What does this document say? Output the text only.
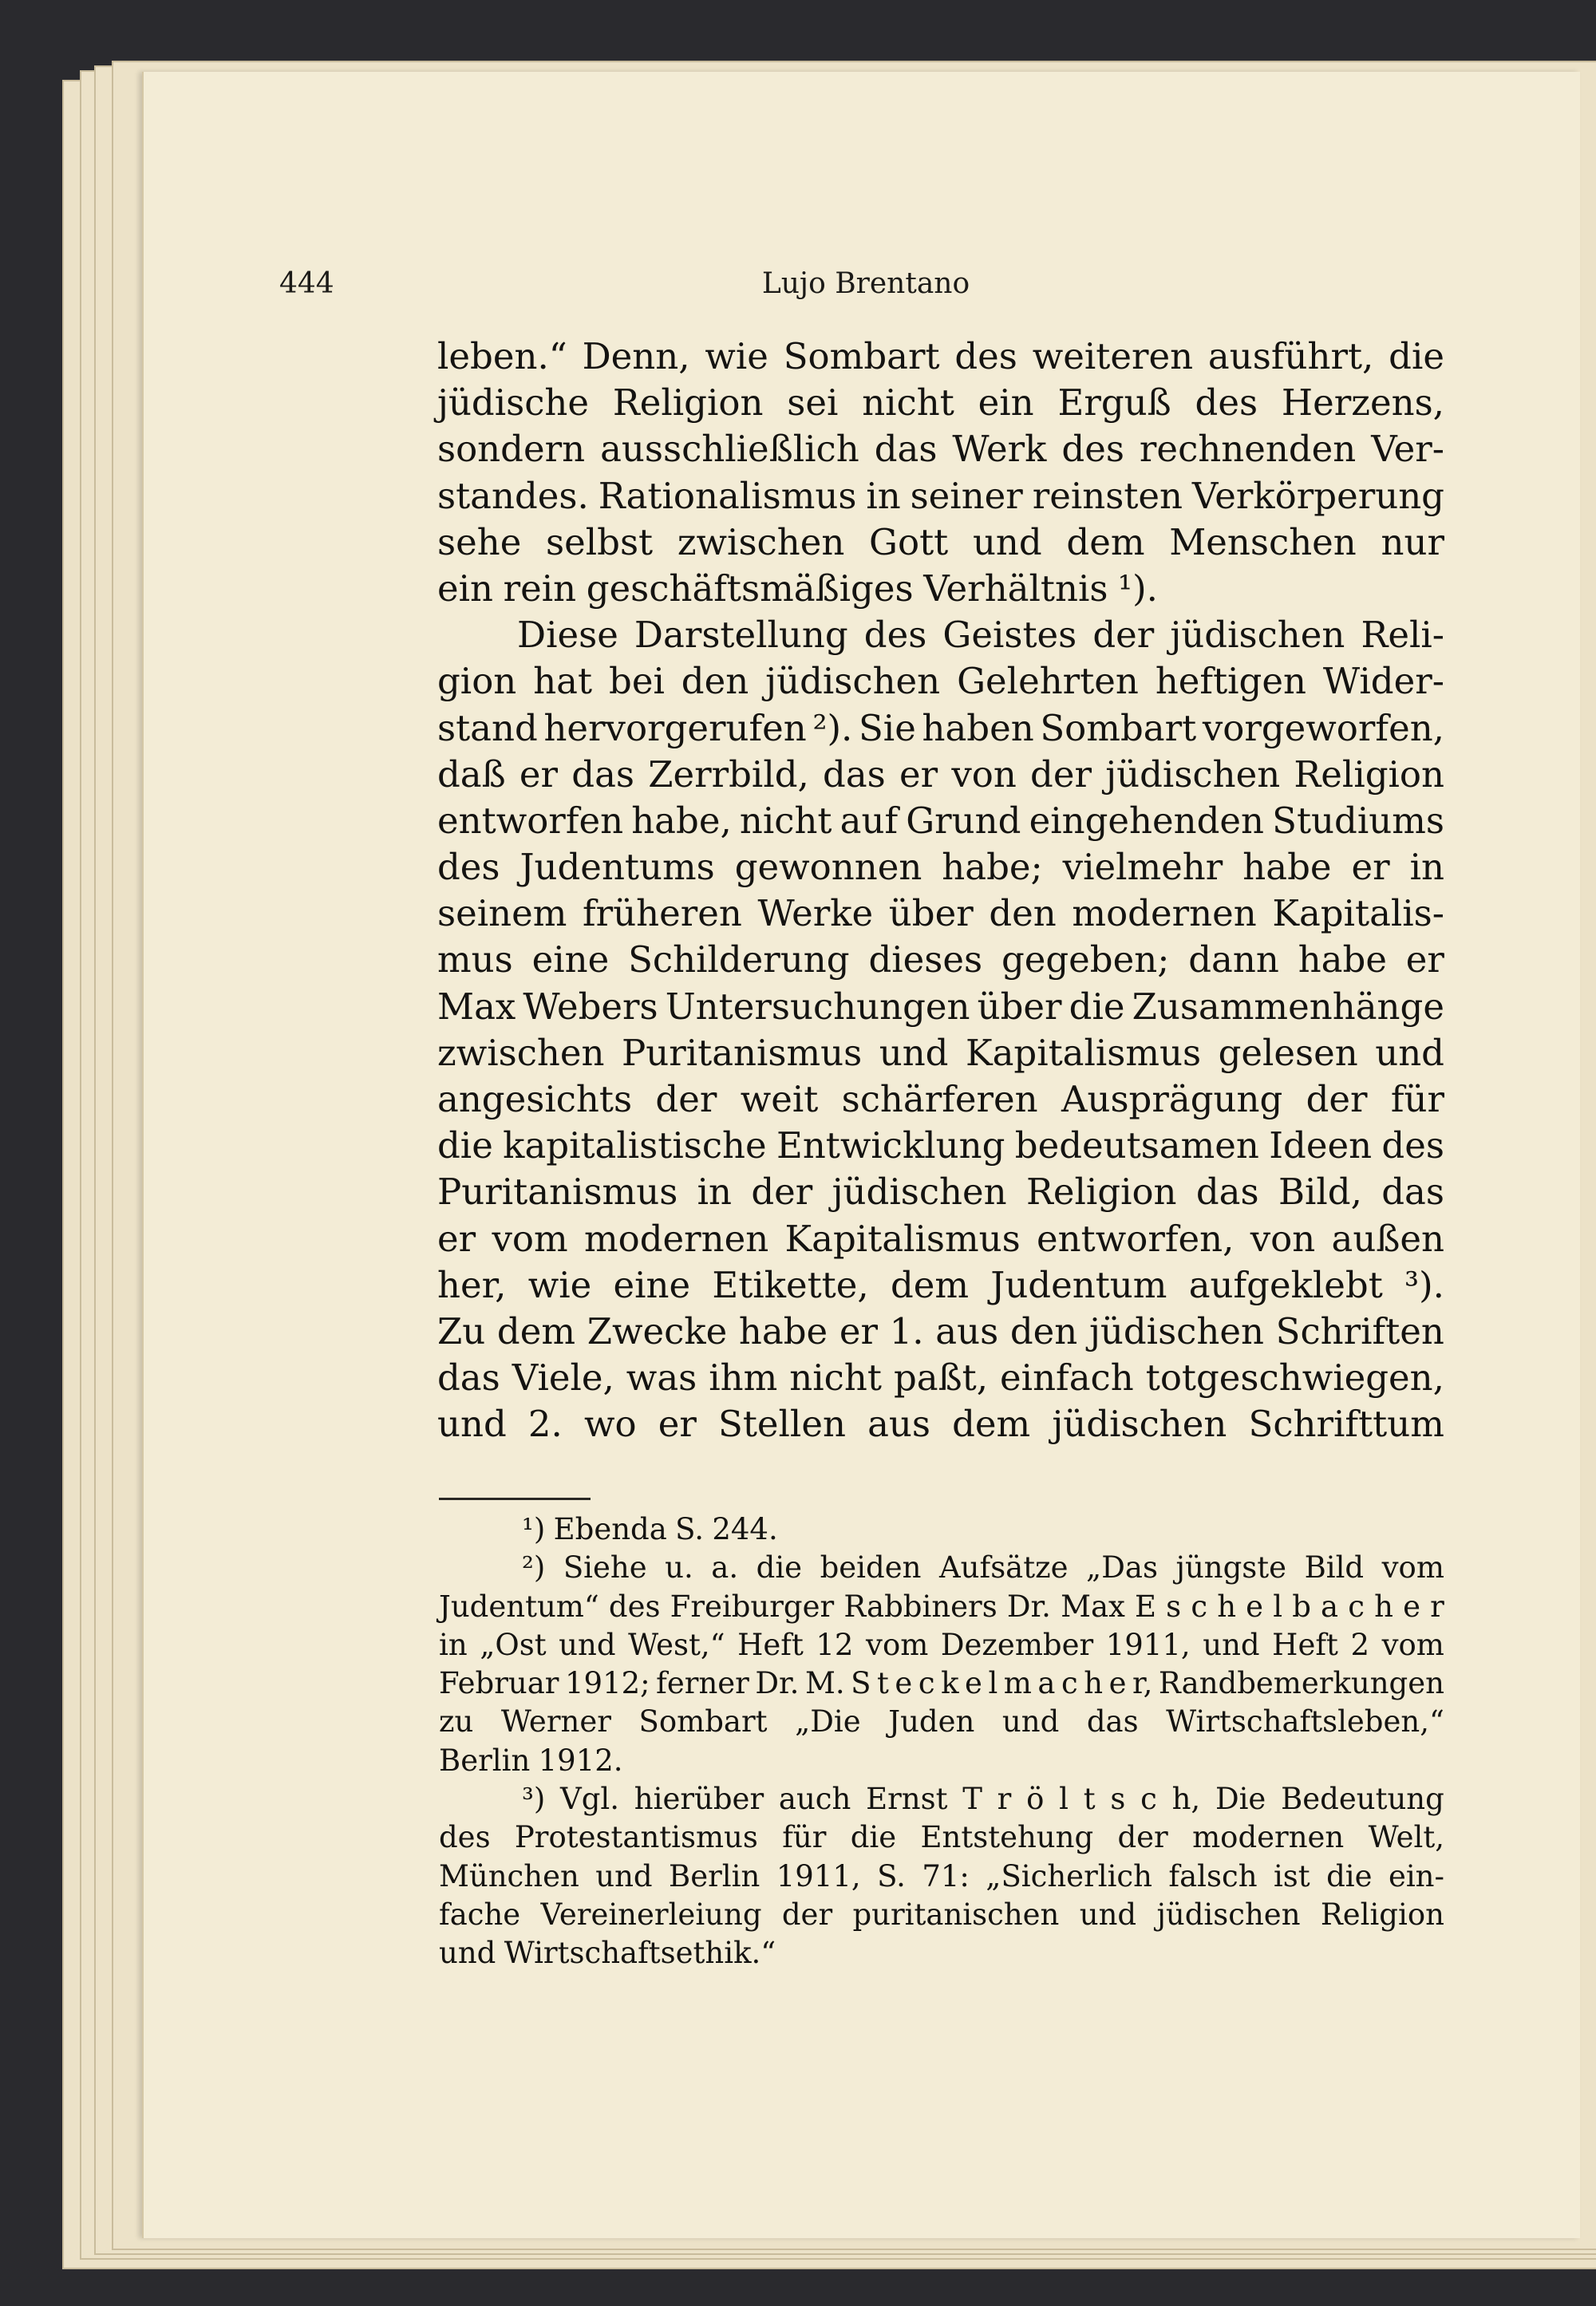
444	Lujo Brentano
leben.“ Denn, wie Sombart des weiteren ausführt, die
jüdische Religion sei nicht ein Erguß des Herzens,
sondern ausschließlich das Werk des rechnenden Ver-
standes. Rationalismus in seiner reinsten Verkörperung
sehe selbst zwischen Gott und dem Menschen nur
ein rein geschäftsmäßiges Verhältnis ¹).
Diese Darstellung des Geistes der jüdischen Reli-
gion hat bei den jüdischen Gelehrten heftigen Wider-
stand hervorgerufen ²). Sie haben Sombart vorgeworfen,
daß er das Zerrbild, das er von der jüdischen Religion
entworfen habe, nicht auf Grund eingehenden Studiums
des Judentums gewonnen habe; vielmehr habe er in
seinem früheren Werke über den modernen Kapitalis-
mus eine Schilderung dieses gegeben; dann habe er
Max Webers Untersuchungen über die Zusammenhänge
zwischen Puritanismus und Kapitalismus gelesen und
angesichts der weit schärferen Ausprägung der für
die kapitalistische Entwicklung bedeutsamen Ideen des
Puritanismus in der jüdischen Religion das Bild, das
er vom modernen Kapitalismus entworfen, von außen
her, wie eine Etikette, dem Judentum aufgeklebt ³).
Zu dem Zwecke habe er 1. aus den jüdischen Schriften
das Viele, was ihm nicht paßt, einfach totgeschwiegen,
und 2. wo er Stellen aus dem jüdischen Schrifttum
¹) Ebenda S. 244.
²) Siehe u. a. die beiden Aufsätze „Das jüngste Bild vom
Judentum“ des Freiburger Rabbiners Dr. Max E s c h e l b a c h e r
in „Ost und West,“ Heft 12 vom Dezember 1911, und Heft 2 vom
Februar 1912; ferner Dr. M. S t e c k e l m a c h e r, Randbemerkungen
zu Werner Sombart „Die Juden und das Wirtschaftsleben,“
Berlin 1912.
³) Vgl. hierüber auch Ernst T r ö l t s c h, Die Bedeutung
des Protestantismus für die Entstehung der modernen Welt,
München und Berlin 1911, S. 71: „Sicherlich falsch ist die ein-
fache Vereinerleiung der puritanischen und jüdischen Religion
und Wirtschaftsethik.“
